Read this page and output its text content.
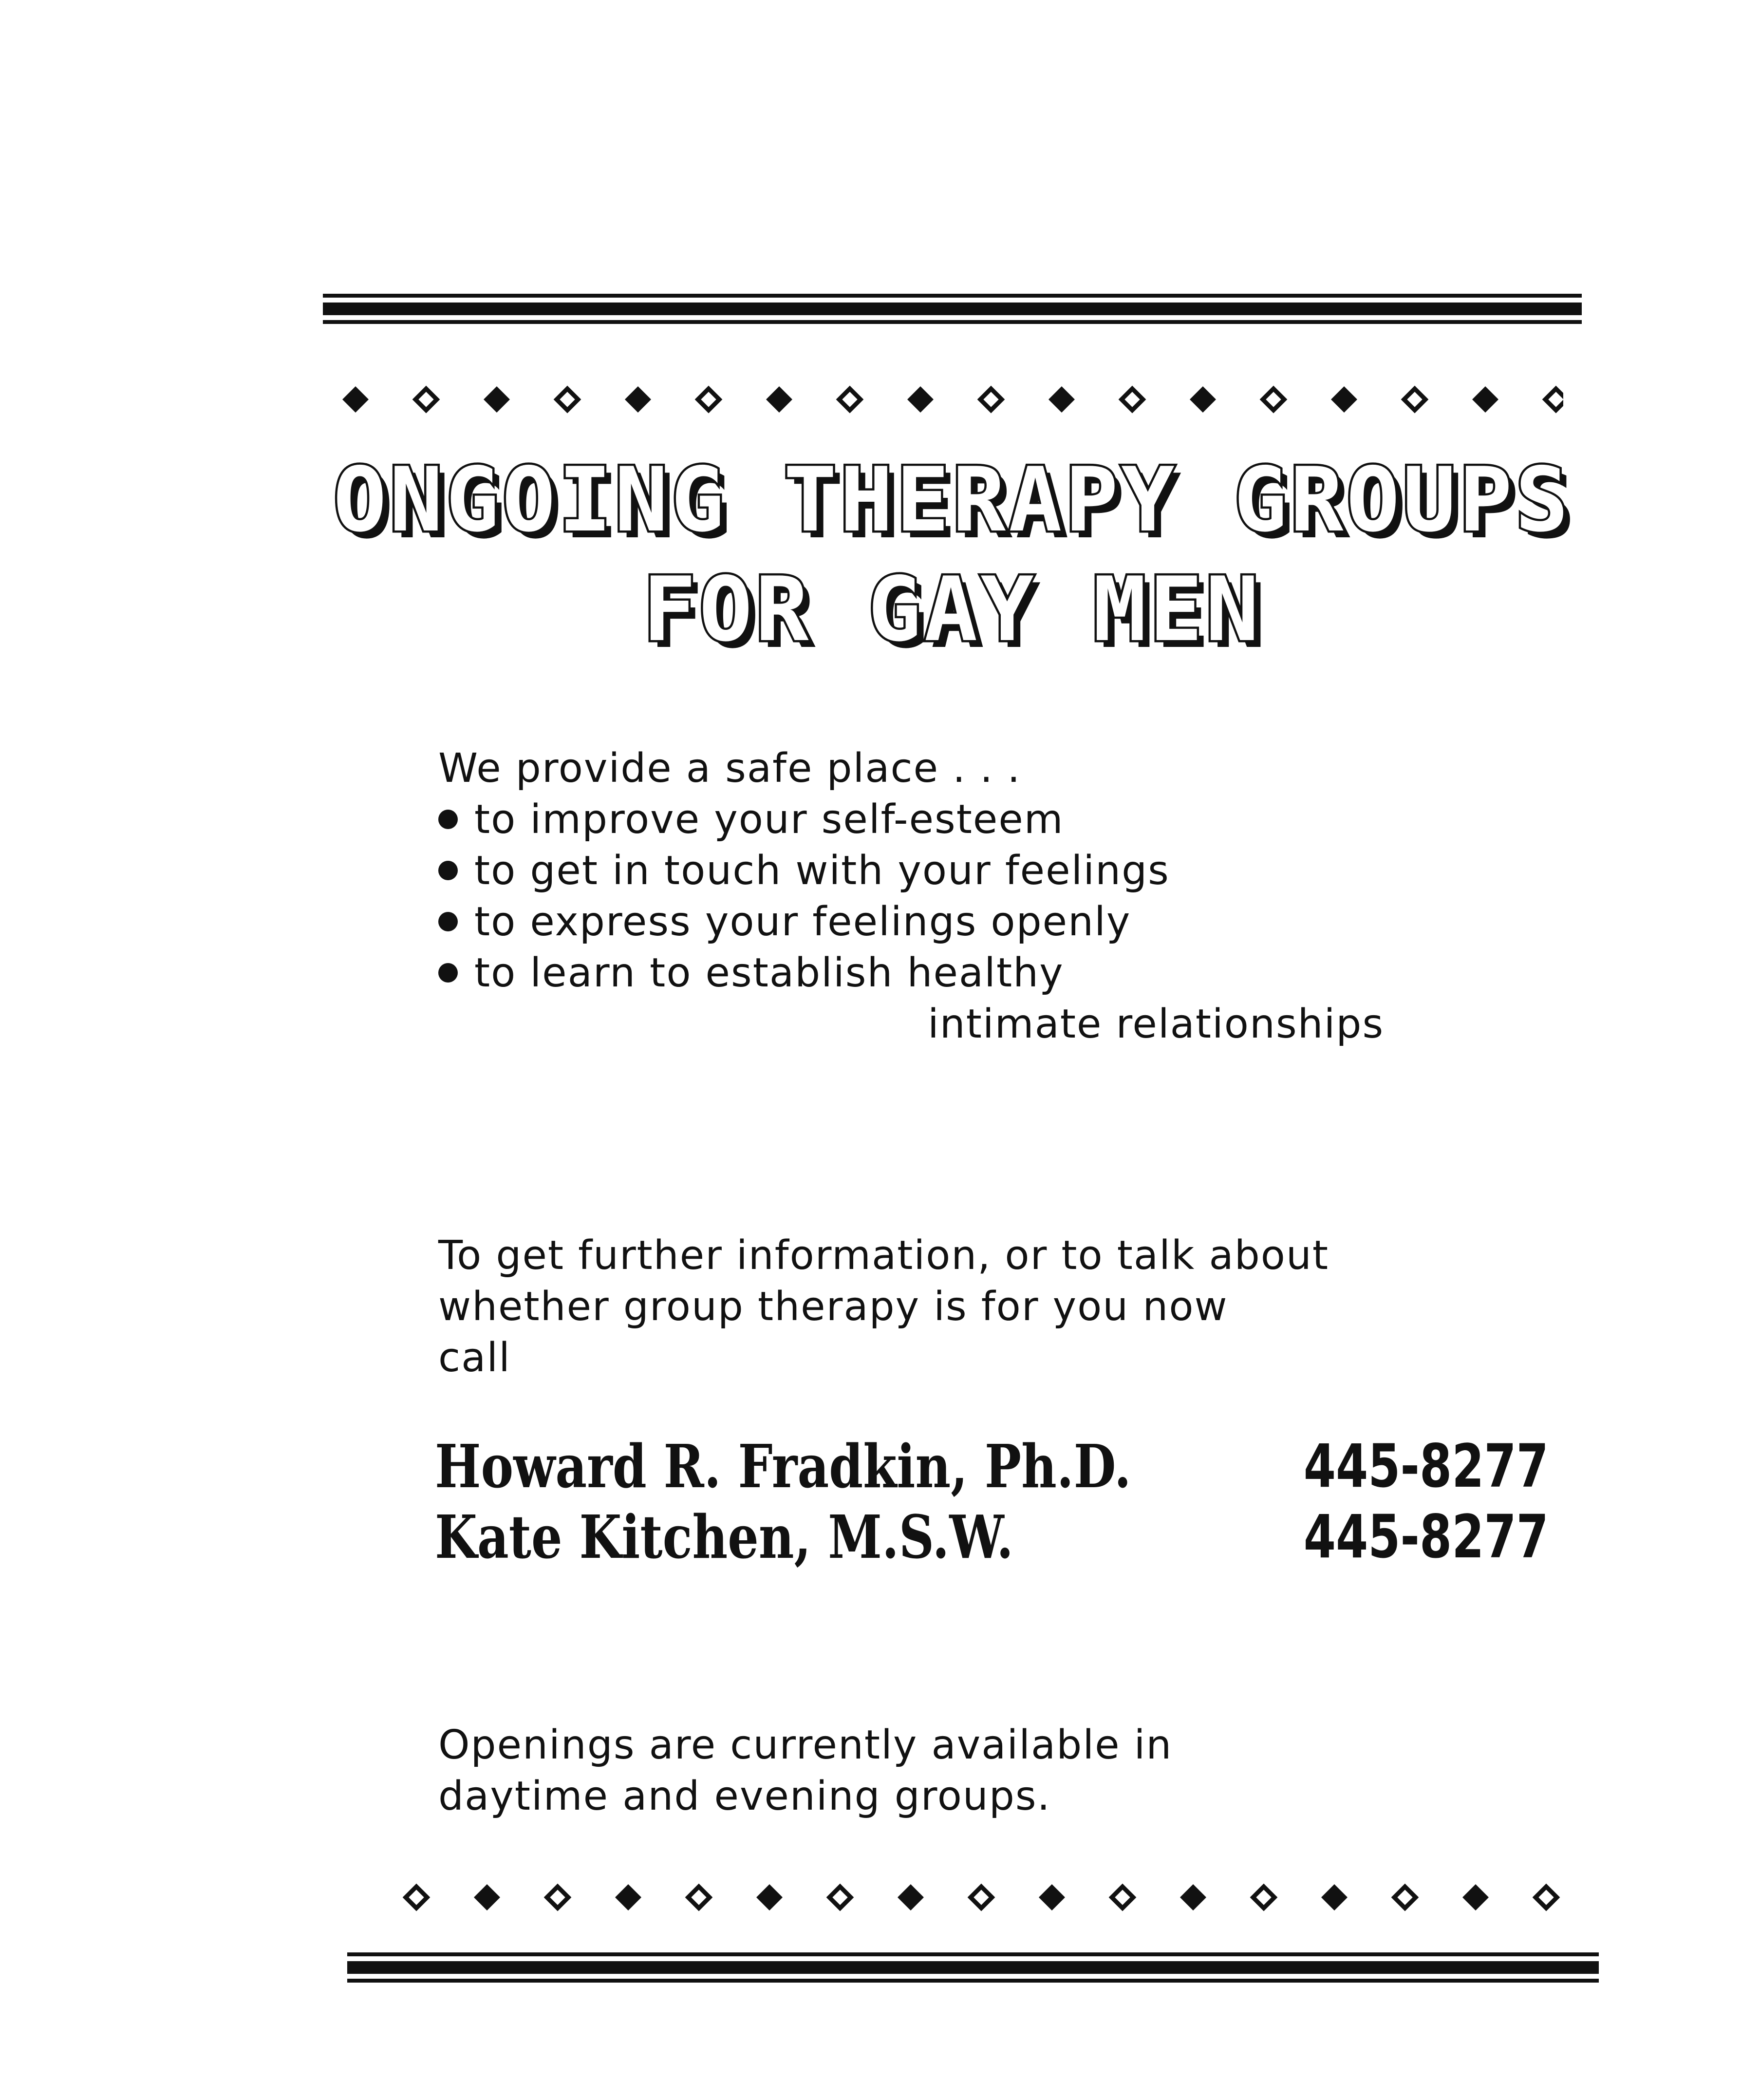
ONGOING THERAPY GROUPS
FOR GAY MEN
We provide a safe place . . .
to improve your self-esteem
to get in touch with your feelings
to express your feelings openly
to learn to establish healthy
intimate relationships
To get further information, or to talk about
whether group therapy is for you now
call
Howard R. Fradkin, Ph.D.	445-8277
Kate Kitchen, M.S.W.	445-8277
Openings are currently available in
daytime and evening groups.
